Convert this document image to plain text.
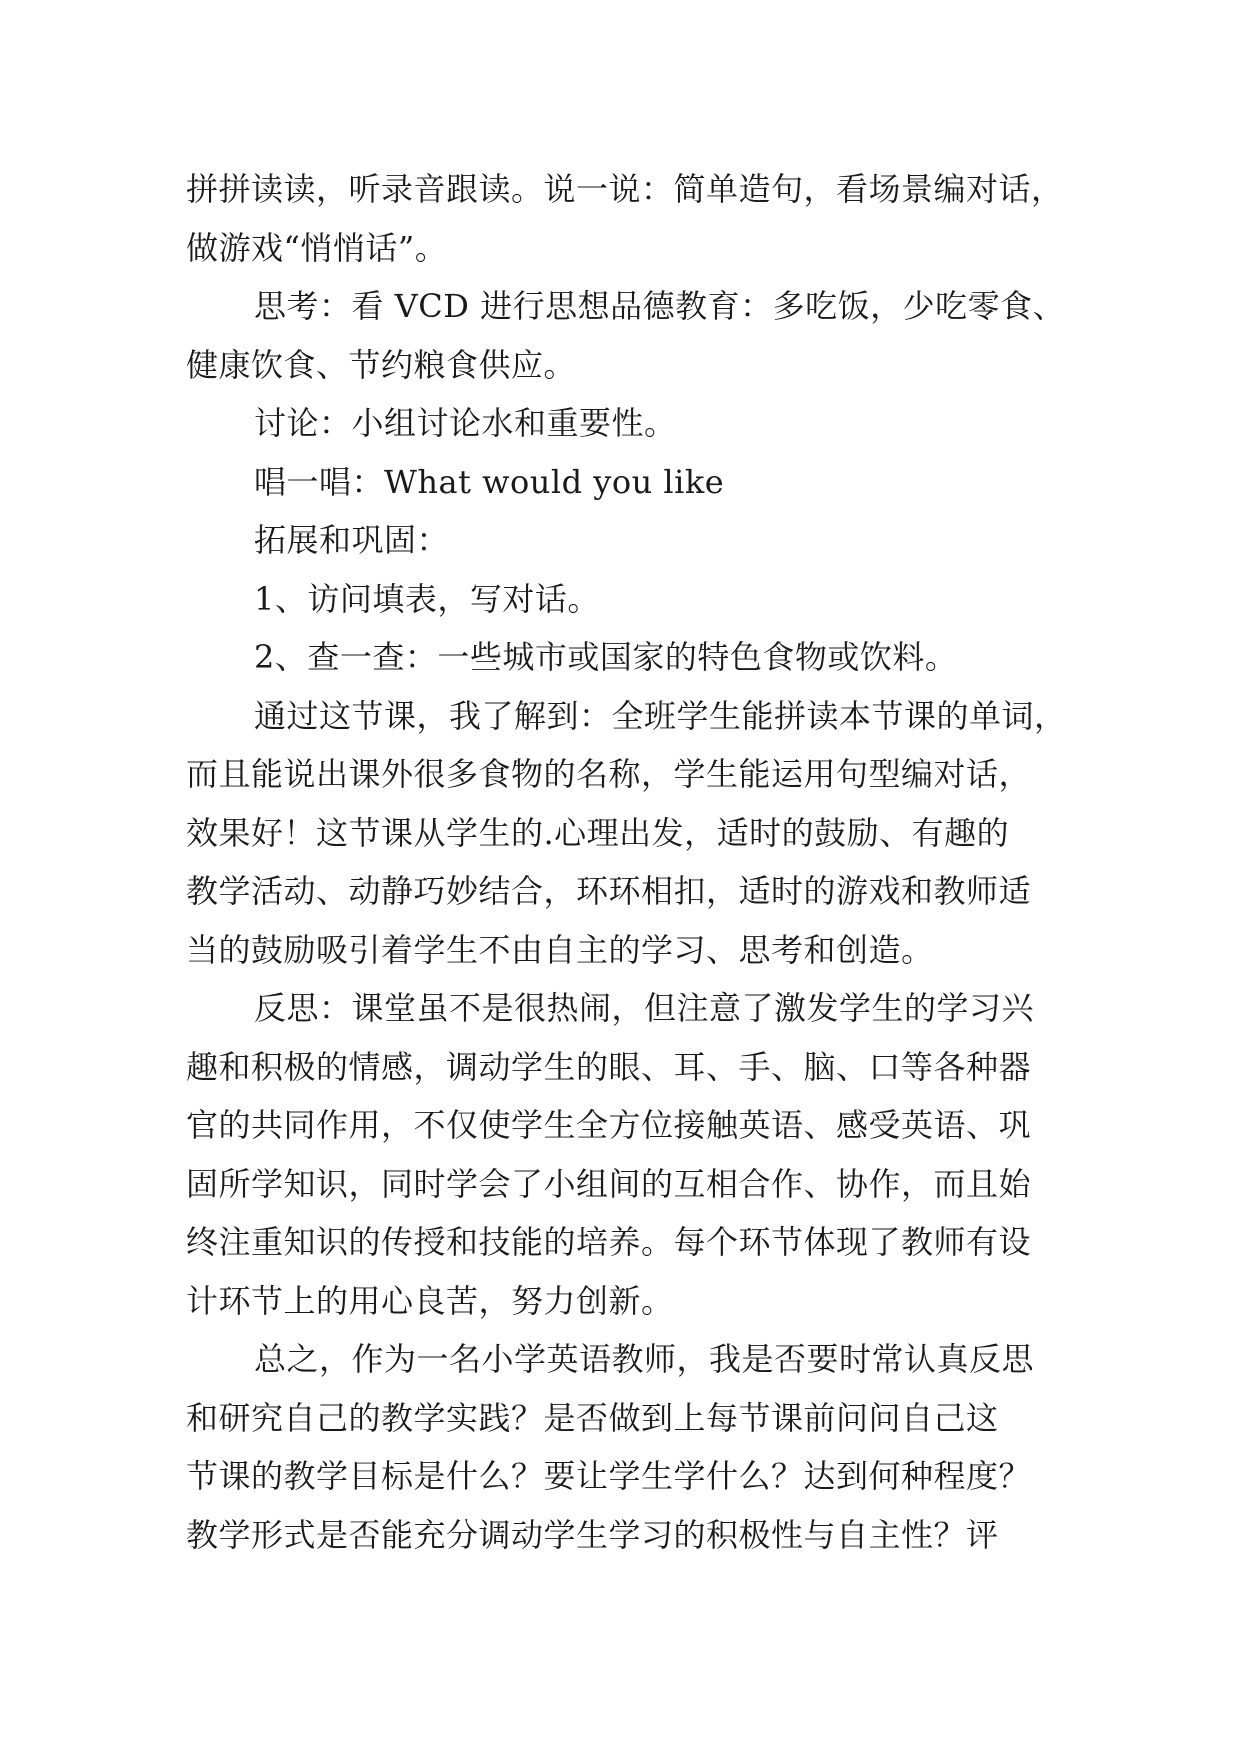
拼拼读读，听录音跟读。说一说：简单造句，看场景编对话，
做游戏“悄悄话”。
思考：看 VCD 进行思想品德教育：多吃饭，少吃零食、
健康饮食、节约粮食供应。
讨论：小组讨论水和重要性。
唱一唱：What would you like
拓展和巩固：
1、访问填表，写对话。
2、查一查：一些城市或国家的特色食物或饮料。
通过这节课，我了解到：全班学生能拼读本节课的单词，
而且能说出课外很多食物的名称，学生能运用句型编对话，
效果好！这节课从学生的.心理出发，适时的鼓励、有趣的
教学活动、动静巧妙结合，环环相扣，适时的游戏和教师适
当的鼓励吸引着学生不由自主的学习、思考和创造。
反思：课堂虽不是很热闹，但注意了激发学生的学习兴
趣和积极的情感，调动学生的眼、耳、手、脑、口等各种器
官的共同作用，不仅使学生全方位接触英语、感受英语、巩
固所学知识，同时学会了小组间的互相合作、协作，而且始
终注重知识的传授和技能的培养。每个环节体现了教师有设
计环节上的用心良苦，努力创新。
总之，作为一名小学英语教师，我是否要时常认真反思
和研究自己的教学实践？是否做到上每节课前问问自己这
节课的教学目标是什么？要让学生学什么？达到何种程度？
教学形式是否能充分调动学生学习的积极性与自主性？评
